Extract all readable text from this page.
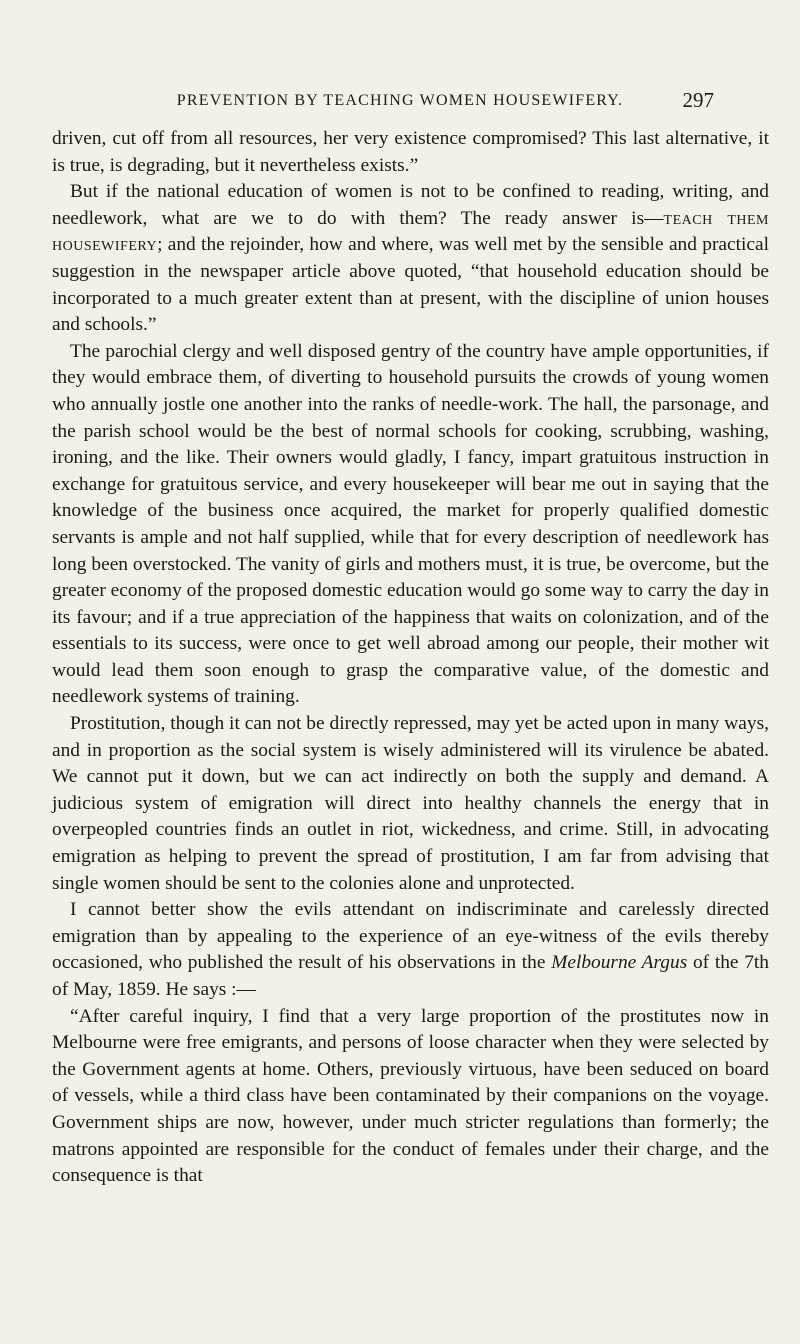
PREVENTION BY TEACHING WOMEN HOUSEWIFERY.	297

driven, cut off from all resources, her very existence compromised? This last alternative, it is true, is degrading, but it nevertheless exists.”

But if the national education of women is not to be confined to reading, writing, and needlework, what are we to do with them? The ready answer is—teach them housewifery; and the rejoinder, how and where, was well met by the sensible and practical suggestion in the newspaper article above quoted, “that household education should be incorporated to a much greater extent than at present, with the discipline of union houses and schools.”

The parochial clergy and well disposed gentry of the country have ample opportunities, if they would embrace them, of diverting to household pursuits the crowds of young women who annually jostle one another into the ranks of needle-work. The hall, the parsonage, and the parish school would be the best of normal schools for cooking, scrubbing, washing, ironing, and the like. Their owners would gladly, I fancy, impart gratuitous instruction in exchange for gratuitous service, and every housekeeper will bear me out in saying that the knowledge of the business once acquired, the market for properly qualified domestic servants is ample and not half supplied, while that for every description of needlework has long been overstocked. The vanity of girls and mothers must, it is true, be overcome, but the greater economy of the proposed domestic education would go some way to carry the day in its favour; and if a true appreciation of the happiness that waits on colonization, and of the essentials to its success, were once to get well abroad among our people, their mother wit would lead them soon enough to grasp the comparative value, of the domestic and needlework systems of training.

Prostitution, though it can not be directly repressed, may yet be acted upon in many ways, and in proportion as the social system is wisely administered will its virulence be abated. We cannot put it down, but we can act indirectly on both the supply and demand. A judicious system of emigration will direct into healthy channels the energy that in overpeopled countries finds an outlet in riot, wickedness, and crime. Still, in advocating emigration as helping to prevent the spread of prostitution, I am far from advising that single women should be sent to the colonies alone and unprotected.

I cannot better show the evils attendant on indiscriminate and carelessly directed emigration than by appealing to the experience of an eye-witness of the evils thereby occasioned, who published the result of his observations in the Melbourne Argus of the 7th of May, 1859. He says :—

“After careful inquiry, I find that a very large proportion of the prostitutes now in Melbourne were free emigrants, and persons of loose character when they were selected by the Government agents at home. Others, previously virtuous, have been seduced on board of vessels, while a third class have been contaminated by their companions on the voyage. Government ships are now, however, under much stricter regulations than formerly; the matrons appointed are responsible for the conduct of females under their charge, and the consequence is that
